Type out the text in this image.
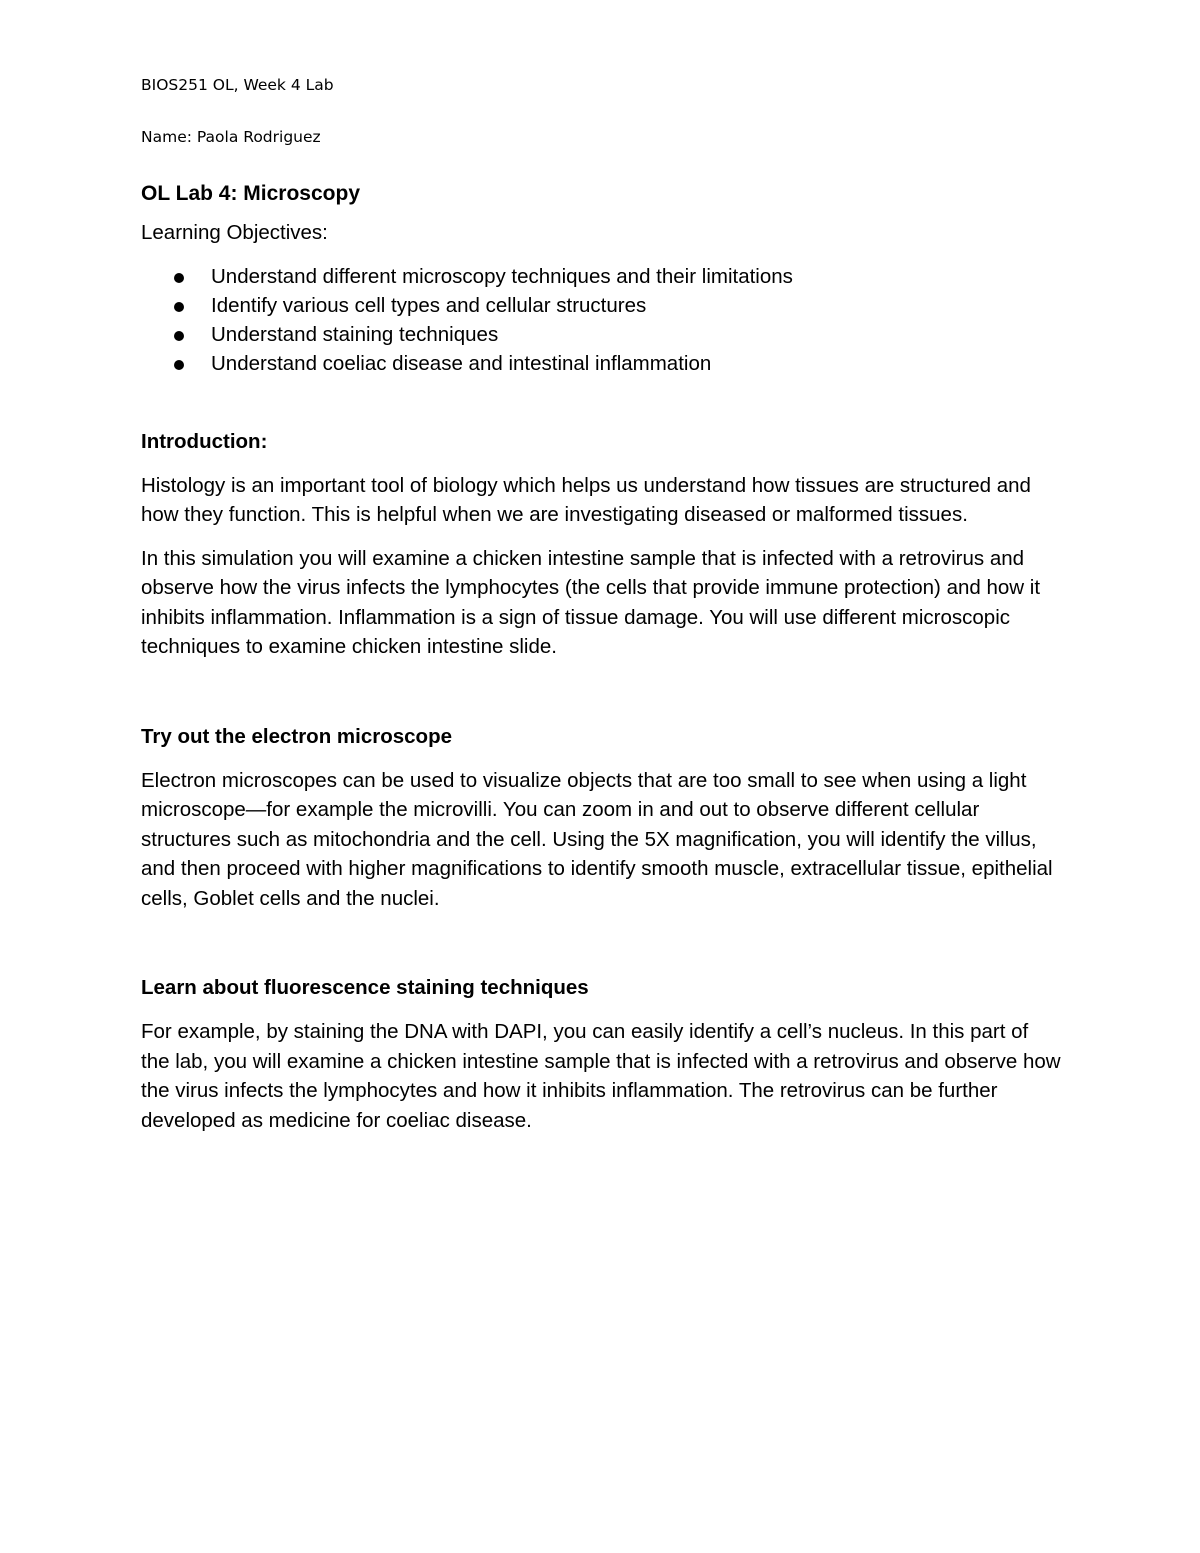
BIOS251 OL, Week 4 Lab

Name: Paola Rodriguez

OL Lab 4: Microscopy

Learning Objectives:

Understand different microscopy techniques and their limitations
Identify various cell types and cellular structures
Understand staining techniques
Understand coeliac disease and intestinal inflammation
Introduction:

Histology is an important tool of biology which helps us understand how tissues are structured and how they function. This is helpful when we are investigating diseased or malformed tissues.

In this simulation you will examine a chicken intestine sample that is infected with a retrovirus and observe how the virus infects the lymphocytes (the cells that provide immune protection) and how it inhibits inflammation. Inflammation is a sign of tissue damage. You will use different microscopic techniques to examine chicken intestine slide.

Try out the electron microscope

Electron microscopes can be used to visualize objects that are too small to see when using a light microscope—for example the microvilli. You can zoom in and out to observe different cellular structures such as mitochondria and the cell. Using the 5X magnification, you will identify the villus, and then proceed with higher magnifications to identify smooth muscle, extracellular tissue, epithelial cells, Goblet cells and the nuclei.

Learn about fluorescence staining techniques

For example, by staining the DNA with DAPI, you can easily identify a cell’s nucleus. In this part of the lab, you will examine a chicken intestine sample that is infected with a retrovirus and observe how the virus infects the lymphocytes and how it inhibits inflammation. The retrovirus can be further developed as medicine for coeliac disease.
